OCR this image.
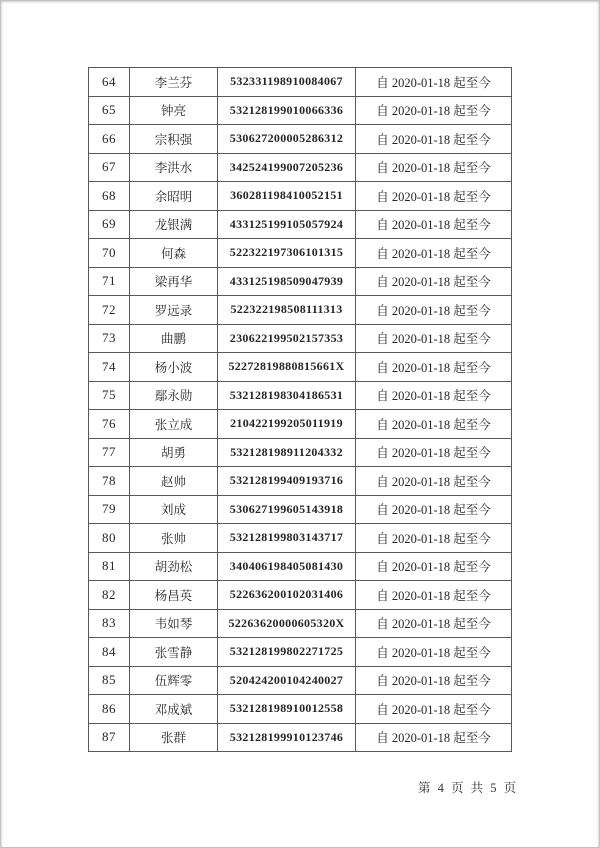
64	李兰芬	532331198910084067	自 2020-01-18 起至今
65	钟亮	532128199010066336	自 2020-01-18 起至今
66	宗积强	530627200005286312	自 2020-01-18 起至今
67	李洪水	342524199007205236	自 2020-01-18 起至今
68	余昭明	360281198410052151	自 2020-01-18 起至今
69	龙银满	433125199105057924	自 2020-01-18 起至今
70	何森	522322197306101315	自 2020-01-18 起至今
71	梁再华	433125198509047939	自 2020-01-18 起至今
72	罗远录	522322198508111313	自 2020-01-18 起至今
73	曲鹏	230622199502157353	自 2020-01-18 起至今
74	杨小波	52272819880815661X	自 2020-01-18 起至今
75	鄢永勋	532128198304186531	自 2020-01-18 起至今
76	张立成	210422199205011919	自 2020-01-18 起至今
77	胡勇	532128198911204332	自 2020-01-18 起至今
78	赵帅	532128199409193716	自 2020-01-18 起至今
79	刘成	530627199605143918	自 2020-01-18 起至今
80	张帅	532128199803143717	自 2020-01-18 起至今
81	胡劲松	340406198405081430	自 2020-01-18 起至今
82	杨昌英	522636200102031406	自 2020-01-18 起至今
83	韦如琴	52263620000605320X	自 2020-01-18 起至今
84	张雪静	532128199802271725	自 2020-01-18 起至今
85	伍辉零	520424200104240027	自 2020-01-18 起至今
86	邓成斌	532128198910012558	自 2020-01-18 起至今
87	张群	532128199910123746	自 2020-01-18 起至今
第 4 页 共 5 页
